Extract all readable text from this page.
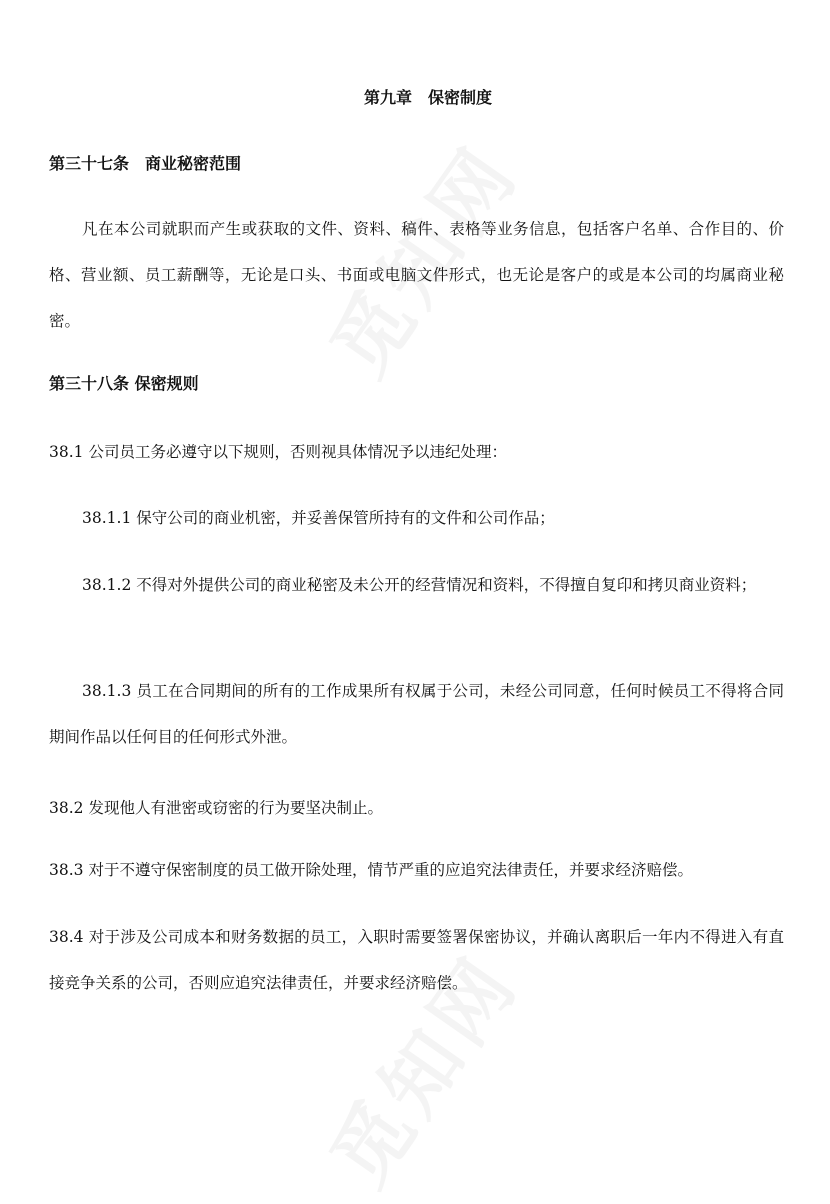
第九章　保密制度
第三十七条　商业秘密范围
凡在本公司就职而产生或获取的文件、资料、稿件、表格等业务信息，包括客户名单、合作目的、价格、营业额、员工薪酬等，无论是口头、书面或电脑文件形式，也无论是客户的或是本公司的均属商业秘密。
第三十八条 保密规则
38.1 公司员工务必遵守以下规则，否则视具体情况予以违纪处理：
38.1.1 保守公司的商业机密，并妥善保管所持有的文件和公司作品；
38.1.2 不得对外提供公司的商业秘密及未公开的经营情况和资料，不得擅自复印和拷贝商业资料；
38.1.3 员工在合同期间的所有的工作成果所有权属于公司，未经公司同意，任何时候员工不得将合同期间作品以任何目的任何形式外泄。
38.2 发现他人有泄密或窃密的行为要坚决制止。
38.3 对于不遵守保密制度的员工做开除处理，情节严重的应追究法律责任，并要求经济赔偿。
38.4 对于涉及公司成本和财务数据的员工，入职时需要签署保密协议，并确认离职后一年内不得进入有直接竞争关系的公司，否则应追究法律责任，并要求经济赔偿。
